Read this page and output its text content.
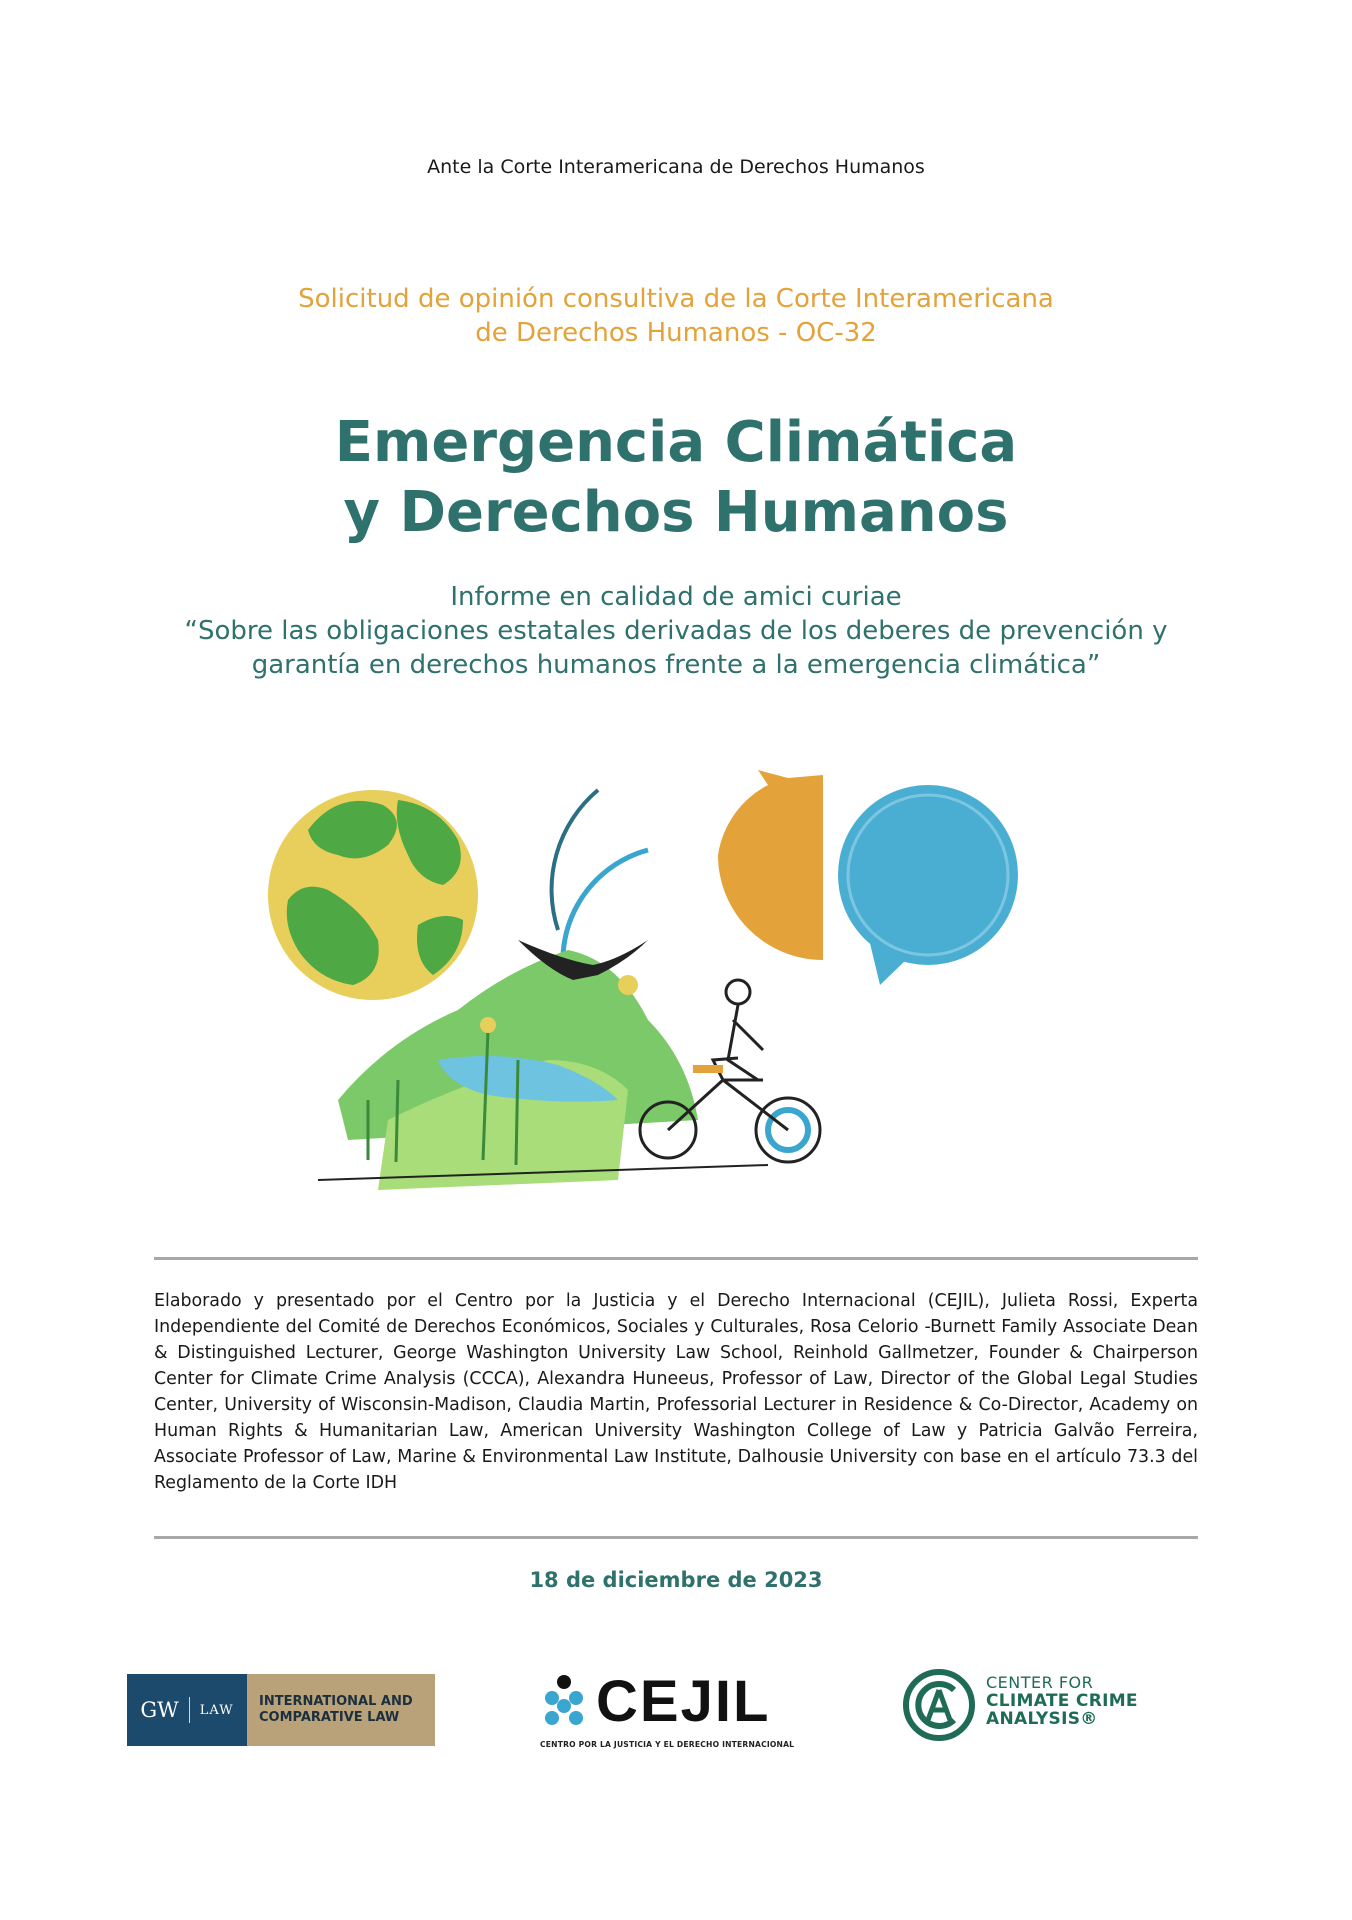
Ante la Corte Interamericana de Derechos Humanos
Solicitud de opinión consultiva de la Corte Interamericana
de Derechos Humanos - OC-32
Emergencia Climática
y Derechos Humanos
Informe en calidad de amici curiae
“Sobre las obligaciones estatales derivadas de los deberes de prevención y
garantía en derechos humanos frente a la emergencia climática”
Elaborado y presentado por el Centro por la Justicia y el Derecho Internacional (CEJIL), Julieta Rossi, Experta Independiente del Comité de Derechos Económicos, Sociales y Culturales, Rosa Celorio -Burnett Family Associate Dean & Distinguished Lecturer, George Washington University Law School, Reinhold Gallmetzer, Founder & Chairperson Center for Climate Crime Analysis (CCCA), Alexandra Huneeus, Professor of Law, Director of the Global Legal Studies Center, University of Wisconsin-Madison, Claudia Martin, Professorial Lecturer in Residence & Co-Director, Academy on Human Rights & Humanitarian Law, American University Washington College of Law y Patricia Galvão Ferreira, Associate Professor of Law, Marine & Environmental Law Institute, Dalhousie University con base en el artículo 73.3 del Reglamento de la Corte IDH
18 de diciembre de 2023
GW LAW
INTERNATIONAL AND
COMPARATIVE LAW	CEJIL
CENTRO POR LA JUSTICIA Y EL DERECHO INTERNACIONAL
CENTER FOR
CLIMATE CRIME
ANALYSIS®
